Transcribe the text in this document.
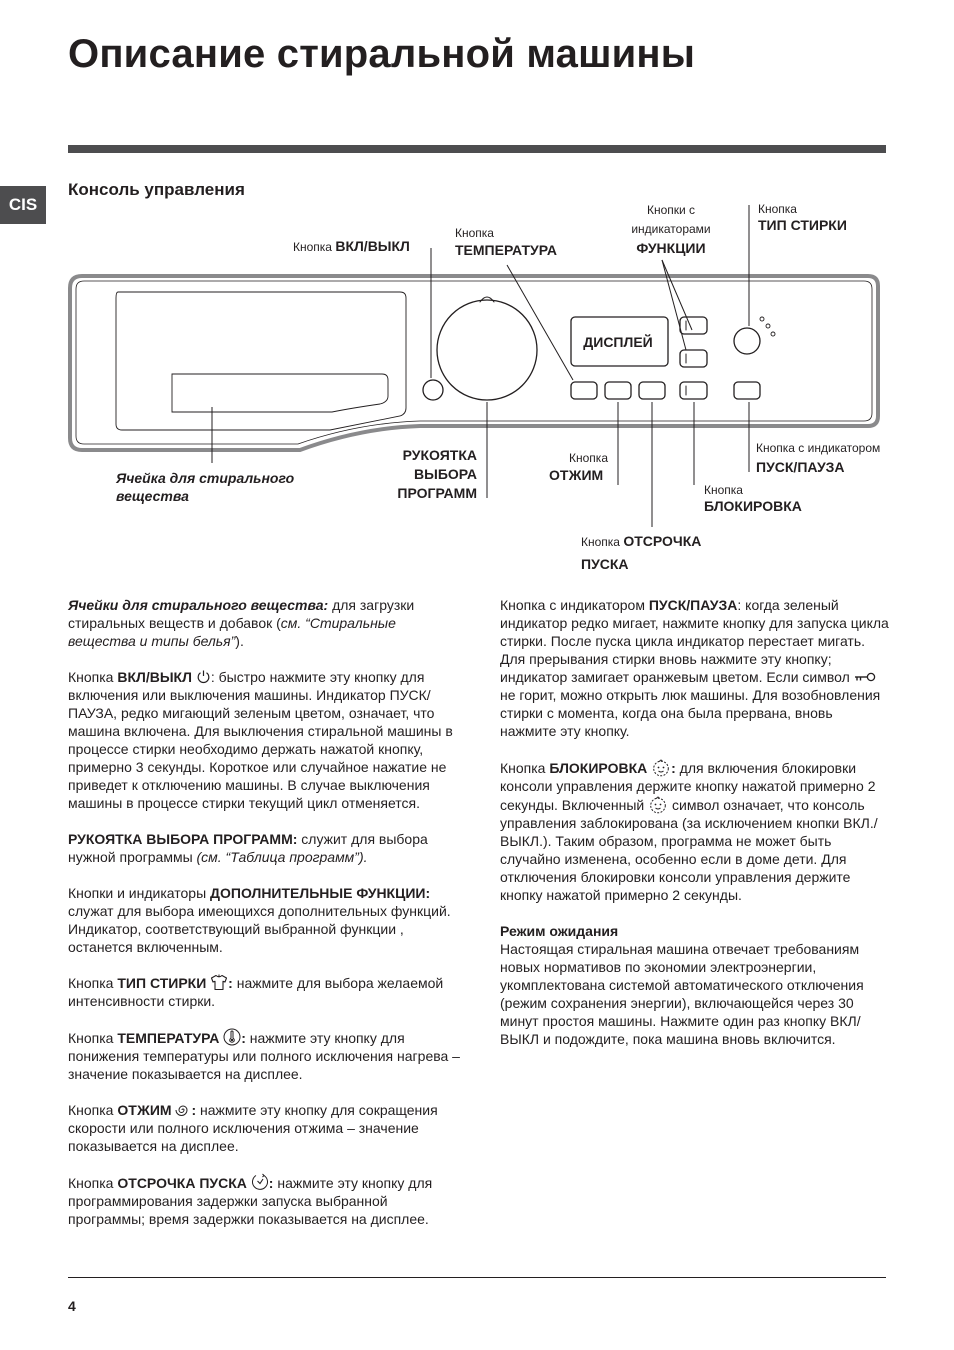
Описание стиральной машины
CIS
Консоль управления
ДИСПЛЕЙ
Кнопка ВКЛ/ВЫКЛ
Кнопка
ТЕМПЕРАТУРА
Кнопки с
индикаторами
ФУНКЦИИ
Кнопка
ТИП СТИРКИ
Ячейка для стирального
вещества
РУКОЯТКА
ВЫБОРА
ПРОГРАММ
Кнопка
ОТЖИМ
Кнопка ОТСРОЧКА
ПУСКА
Кнопка
БЛОКИРОВКА
Кнопка с индикатором
ПУСК/ПАУЗА

Ячейки для стирального вещества: для загрузки стиральных веществ и добавок (см. “Стиральные вещества и типы белья”).

Кнопка ВКЛ/ВЫКЛ : быстро нажмите эту кнопку для включения или выключения машины. Индикатор ПУСК/ПАУЗА, редко мигающий зеленым цветом, означает, что машина включена. Для выключения стиральной машины в процессе стирки необходимо держать нажатой кнопку, примерно 3 секунды. Короткое или случайное нажатие не приведет к отключению машины. В случае выключения машины в процессе стирки текущий цикл отменяется.

РУКОЯТКА ВЫБОРА ПРОГРАММ: служит для выбора нужной программы (см. “Таблица программ”).

Кнопки и индикаторы ДОПОЛНИТЕЛЬНЫЕ ФУНКЦИИ: служат для выбора имеющихся дополнительных функций. Индикатор, соответствующий выбранной функции , останется включенным.

Кнопка ТИП СТИРКИ : нажмите для выбора желаемой интенсивности стирки.

Кнопка ТЕМПЕРАТУРА : нажмите эту кнопку для понижения температуры или полного исключения нагрева – значение показывается на дисплее.

Кнопка ОТЖИМ : нажмите эту кнопку для сокращения скорости или полного исключения отжима – значение показывается на дисплее.

Кнопка ОТСРОЧКА ПУСКА : нажмите эту кнопку для программирования задержки запуска выбранной программы; время задержки показывается на дисплее.

Кнопка с индикатором ПУСК/ПАУЗА: когда зеленый индикатор редко мигает, нажмите кнопку для запуска цикла стирки. После пуска цикла индикатор перестает мигать. Для прерывания стирки вновь нажмите эту кнопку; индикатор замигает оранжевым цветом. Если символ  не горит, можно открыть люк машины. Для возобновления стирки с момента, когда она была прервана, вновь нажмите эту кнопку.

Кнопка БЛОКИРОВКА : для включения блокировки консоли управления держите кнопку нажатой примерно 2 секунды. Включенный  символ означает, что консоль управления заблокирована (за исключением кнопки ВКЛ./ВЫКЛ.). Таким образом, программа не может быть случайно изменена, особенно если в доме дети. Для отключения блокировки консоли управления держите кнопку нажатой примерно 2 секунды.

Режим ожидания

Настоящая стиральная машина отвечает требованиям новых нормативов по экономии электроэнергии, укомплектована системой автоматического отключения (режим сохранения энергии), включающейся через 30 минут простоя машины. Нажмите один раз кнопку ВКЛ/ВЫКЛ и подождите, пока машина вновь включится.

4
